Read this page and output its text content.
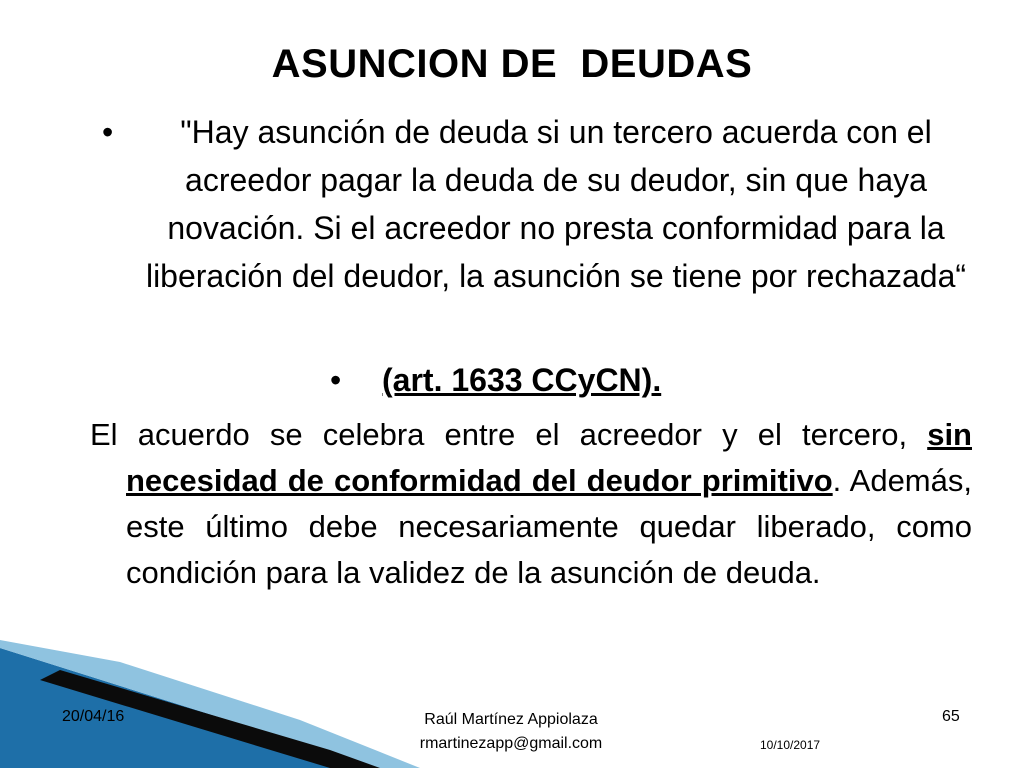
ASUNCION DE  DEUDAS
•	"Hay asunción de deuda si un tercero acuerda con el acreedor pagar la deuda de su deudor, sin que haya novación. Si el acreedor no presta conformidad para la liberación del deudor, la asunción se tiene por rechazada“

• (art. 1633 CCyCN).
El acuerdo se celebra entre el acreedor y el tercero, sin necesidad de conformidad del deudor primitivo. Además, este último debe necesariamente quedar liberado, como condición para la validez de la asunción de deuda.
20/04/16	Raúl Martínez Appiolaza
rmartinezapp@gmail.com
65
10/10/2017
